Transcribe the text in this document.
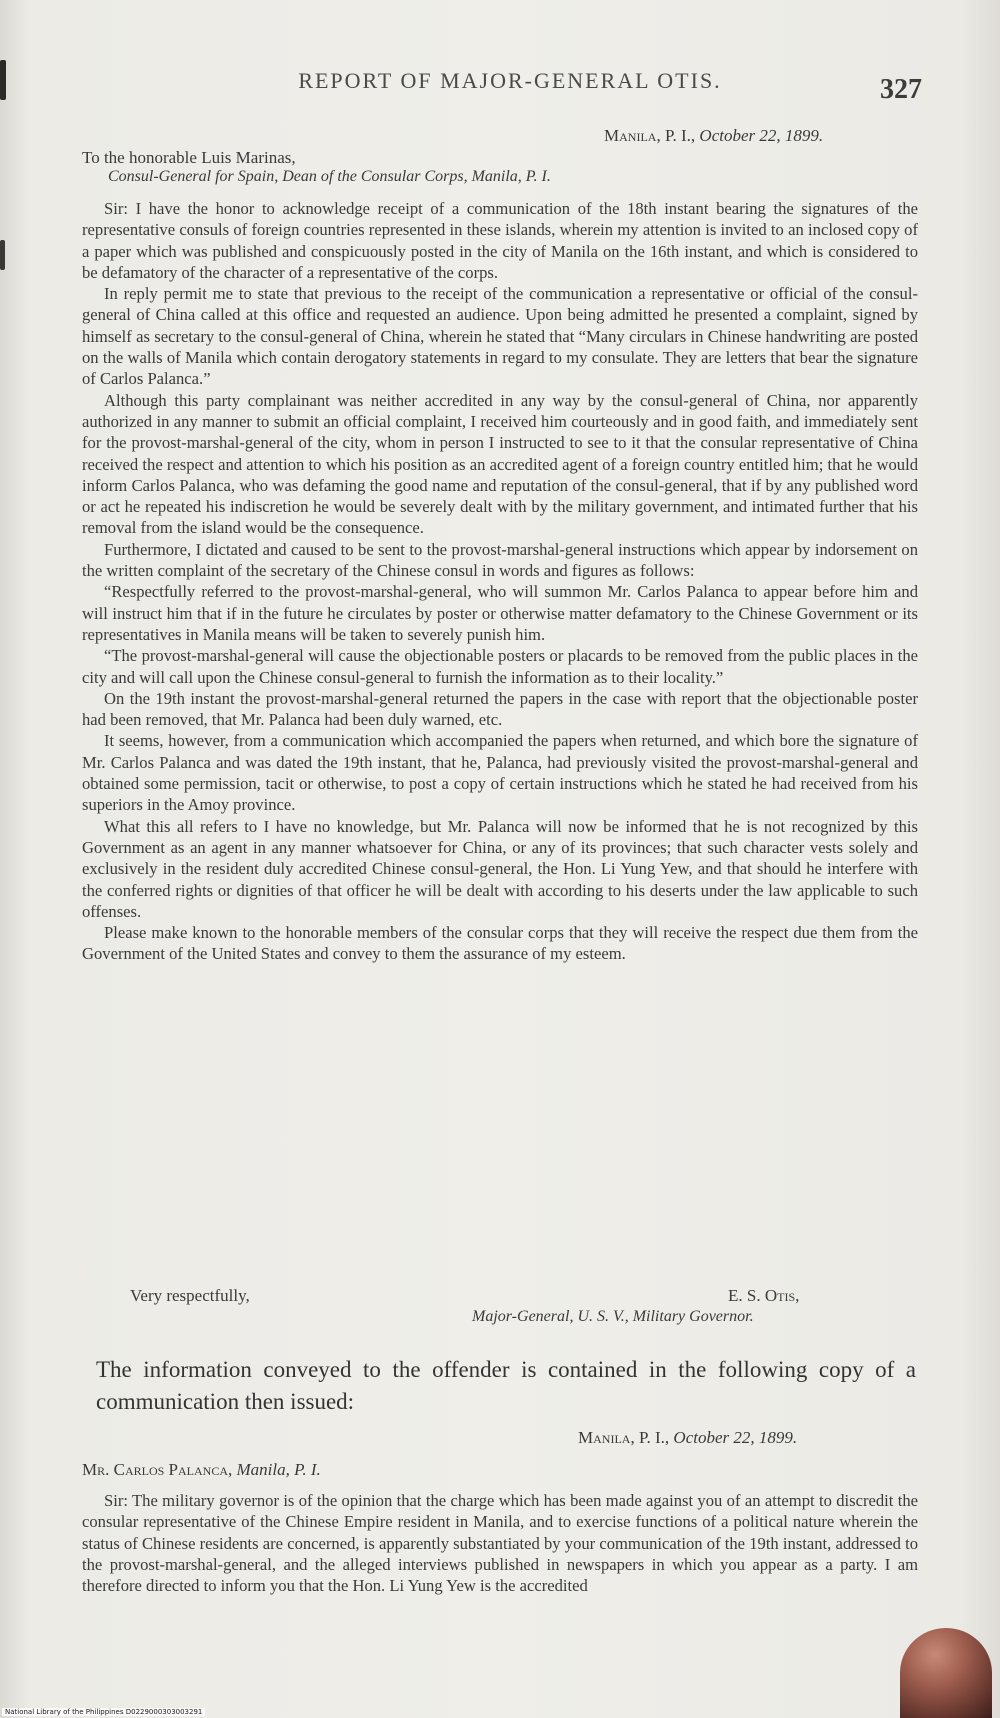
REPORT OF MAJOR-GENERAL OTIS.	327
Manila, P. I., October 22, 1899.
To the honorable Luis Marinas,
Consul-General for Spain, Dean of the Consular Corps, Manila, P. I.

Sir: I have the honor to acknowledge receipt of a communication of the 18th instant bearing the signatures of the representative consuls of foreign countries represented in these islands, wherein my attention is invited to an inclosed copy of a paper which was published and conspicuously posted in the city of Manila on the 16th instant, and which is considered to be defamatory of the character of a representative of the corps.

In reply permit me to state that previous to the receipt of the communication a representative or official of the consul-general of China called at this office and requested an audience. Upon being admitted he presented a complaint, signed by himself as secretary to the consul-general of China, wherein he stated that “Many circulars in Chinese handwriting are posted on the walls of Manila which contain derogatory statements in regard to my consulate. They are letters that bear the signature of Carlos Palanca.”

Although this party complainant was neither accredited in any way by the consul-general of China, nor apparently authorized in any manner to submit an official complaint, I received him courteously and in good faith, and immediately sent for the provost-marshal-general of the city, whom in person I instructed to see to it that the consular representative of China received the respect and attention to which his position as an accredited agent of a foreign country entitled him; that he would inform Carlos Palanca, who was defaming the good name and reputation of the consul-general, that if by any published word or act he repeated his indiscretion he would be severely dealt with by the military government, and intimated further that his removal from the island would be the consequence.

Furthermore, I dictated and caused to be sent to the provost-marshal-general instructions which appear by indorsement on the written complaint of the secretary of the Chinese consul in words and figures as follows:

“Respectfully referred to the provost-marshal-general, who will summon Mr. Carlos Palanca to appear before him and will instruct him that if in the future he circulates by poster or otherwise matter defamatory to the Chinese Government or its representatives in Manila means will be taken to severely punish him.

“The provost-marshal-general will cause the objectionable posters or placards to be removed from the public places in the city and will call upon the Chinese consul-general to furnish the information as to their locality.”

On the 19th instant the provost-marshal-general returned the papers in the case with report that the objectionable poster had been removed, that Mr. Palanca had been duly warned, etc.

It seems, however, from a communication which accompanied the papers when returned, and which bore the signature of Mr. Carlos Palanca and was dated the 19th instant, that he, Palanca, had previously visited the provost-marshal-general and obtained some permission, tacit or otherwise, to post a copy of certain instructions which he stated he had received from his superiors in the Amoy province.

What this all refers to I have no knowledge, but Mr. Palanca will now be informed that he is not recognized by this Government as an agent in any manner whatsoever for China, or any of its provinces; that such character vests solely and exclusively in the resident duly accredited Chinese consul-general, the Hon. Li Yung Yew, and that should he interfere with the conferred rights or dignities of that officer he will be dealt with according to his deserts under the law applicable to such offenses.

Please make known to the honorable members of the consular corps that they will receive the respect due them from the Government of the United States and convey to them the assurance of my esteem.

Very respectfully,	E. S. Otis,
Major-General, U. S. V., Military Governor.
The information conveyed to the offender is contained in the following copy of a communication then issued:
Manila, P. I., October 22, 1899.
Mr. Carlos Palanca, Manila, P. I.

Sir: The military governor is of the opinion that the charge which has been made against you of an attempt to discredit the consular representative of the Chinese Empire resident in Manila, and to exercise functions of a political nature wherein the status of Chinese residents are concerned, is apparently substantiated by your communication of the 19th instant, addressed to the provost-marshal-general, and the alleged interviews published in newspapers in which you appear as a party. I am therefore directed to inform you that the Hon. Li Yung Yew is the accredited

National Library of the Philippines D0229000303003291
